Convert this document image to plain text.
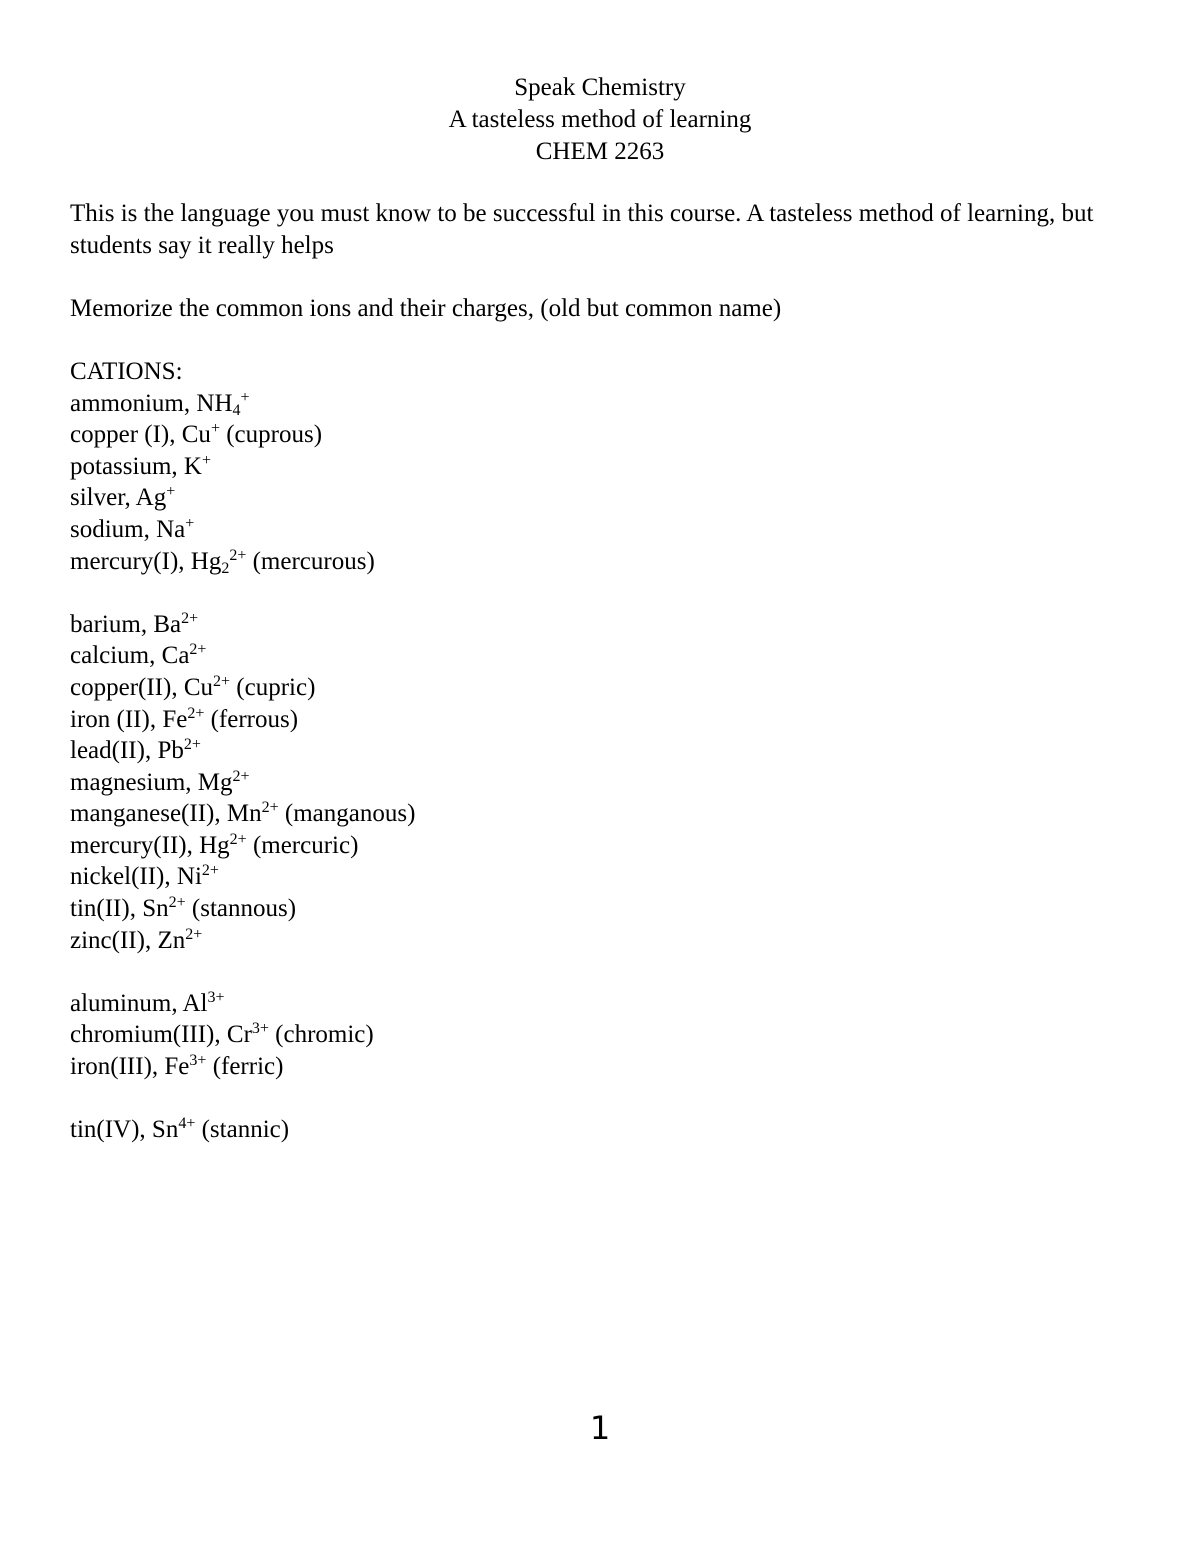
Speak Chemistry
A tasteless method of learning
CHEM 2263

This is the language you must know to be successful in this course. A tasteless method of learning, but students say it really helps

Memorize the common ions and their charges, (old but common name)

CATIONS:
ammonium, $NH_4^+$
copper (I), Cu+ (cuprous)
potassium, K+
silver, Ag+
sodium, Na+
mercury(I), $Hg_2^{2+}$ (mercurous)
barium, $Ba^{2+}$
calcium, $Ca^{2+}$
copper(II), $Cu^{2+}$ (cupric)
iron (II), $Fe^{2+}$ (ferrous)
lead(II), $Pb^{2+}$
magnesium, $Mg^{2+}$
manganese(II), $Mn^{2+}$ (manganous)
mercury(II), $Hg^{2+}$ (mercuric)
nickel(II), $Ni^{2+}$
tin(II), $Sn^{2+}$ (stannous)
zinc(II), $Zn^{2+}$
aluminum, $Al^{3+}$
chromium(III), $Cr^{3+}$ (chromic)
iron(III), $Fe^{3+}$ (ferric)
tin(IV), $Sn^{4+}$ (stannic)
1
